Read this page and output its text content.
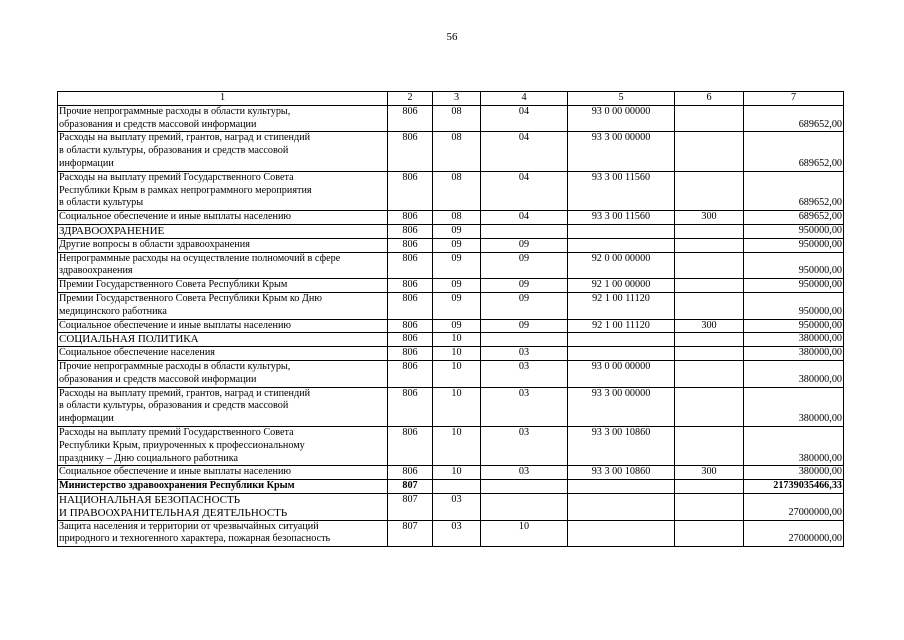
56
1	2	3	4	5	6	7
Прочие непрограммные расходы в области культуры,
образования и средств массовой информации	806	08	04	93 0 00 00000		689652,00
Расходы на выплату премий, грантов, наград и стипендий
в области культуры, образования и средств массовой
информации	806	08	04	93 3 00 00000		689652,00
Расходы на выплату премий Государственного Совета
Республики Крым в рамках непрограммного мероприятия
в области культуры	806	08	04	93 3 00 11560		689652,00
Социальное обеспечение и иные выплаты населению	806	08	04	93 3 00 11560	300	689652,00
ЗДРАВООХРАНЕНИЕ	806	09				950000,00
Другие вопросы в области здравоохранения	806	09	09			950000,00
Непрограммные расходы на осуществление полномочий в сфере
здравоохранения	806	09	09	92 0 00 00000		950000,00
Премии Государственного Совета Республики Крым	806	09	09	92 1 00 00000		950000,00
Премии Государственного Совета Республики Крым ко Дню
медицинского работника	806	09	09	92 1 00 11120		950000,00
Социальное обеспечение и иные выплаты населению	806	09	09	92 1 00 11120	300	950000,00
СОЦИАЛЬНАЯ ПОЛИТИКА	806	10				380000,00
Социальное обеспечение населения	806	10	03			380000,00
Прочие непрограммные расходы в области культуры,
образования и средств массовой информации	806	10	03	93 0 00 00000		380000,00
Расходы на выплату премий, грантов, наград и стипендий
в области культуры, образования и средств массовой
информации	806	10	03	93 3 00 00000		380000,00
Расходы на выплату премий Государственного Совета
Республики Крым, приуроченных к профессиональному
празднику – Дню социального работника	806	10	03	93 3 00 10860		380000,00
Социальное обеспечение и иные выплаты населению	806	10	03	93 3 00 10860	300	380000,00
Министерство здравоохранения Республики Крым	807					21739035466,33
НАЦИОНАЛЬНАЯ БЕЗОПАСНОСТЬ
И ПРАВООХРАНИТЕЛЬНАЯ ДЕЯТЕЛЬНОСТЬ	807	03				27000000,00
Защита населения и территории от чрезвычайных ситуаций
природного и техногенного характера, пожарная безопасность	807	03	10			27000000,00
